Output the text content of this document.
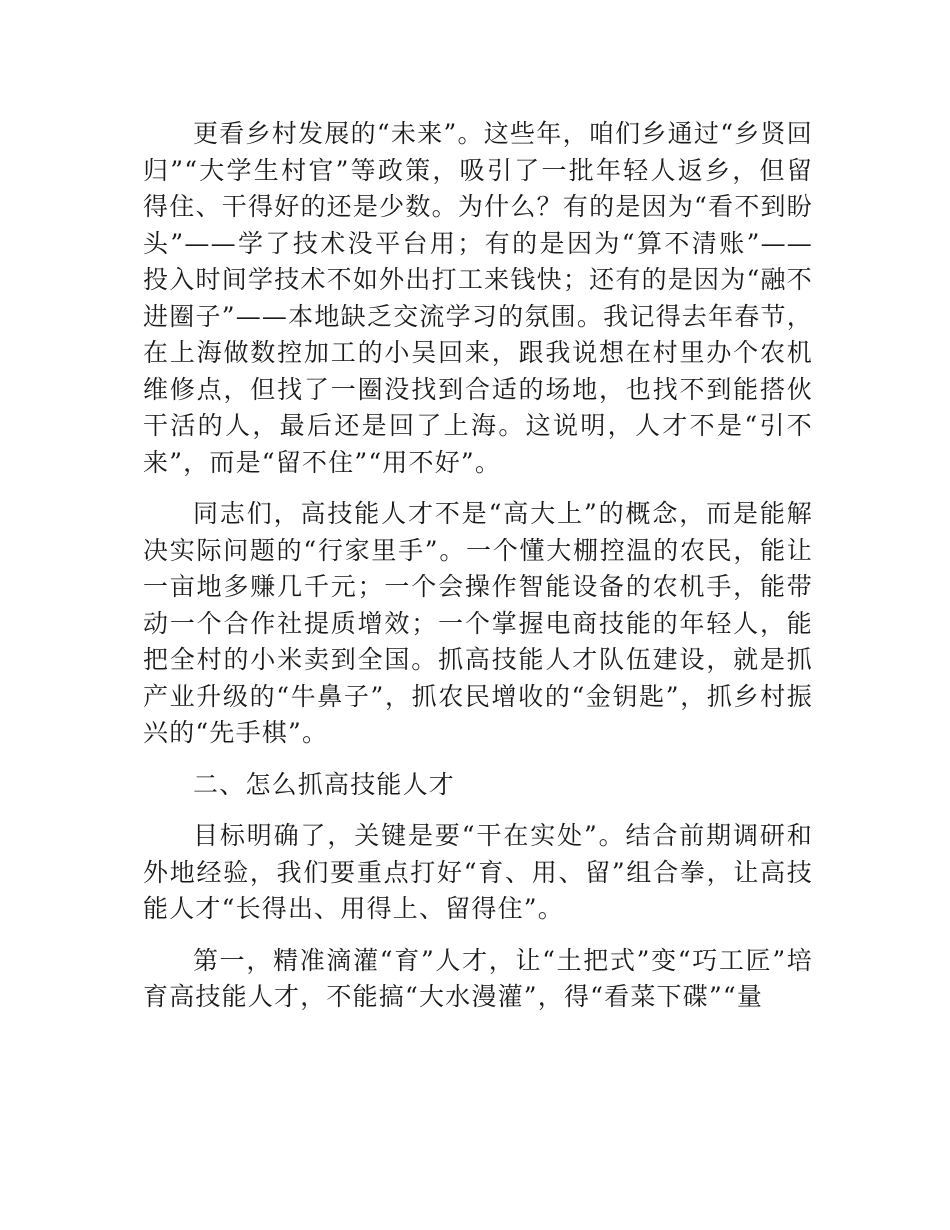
更看乡村发展的“未来”。这些年，咱们乡通过“乡贤回归”“大学生村官”等政策，吸引了一批年轻人返乡，但留得住、干得好的还是少数。为什么？有的是因为“看不到盼头”——学了技术没平台用；有的是因为“算不清账”——投入时间学技术不如外出打工来钱快；还有的是因为“融不进圈子”——本地缺乏交流学习的氛围。我记得去年春节，在上海做数控加工的小吴回来，跟我说想在村里办个农机维修点，但找了一圈没找到合适的场地，也找不到能搭伙干活的人，最后还是回了上海。这说明，人才不是“引不来”，而是“留不住”“用不好”。

同志们，高技能人才不是“高大上”的概念，而是能解决实际问题的“行家里手”。一个懂大棚控温的农民，能让一亩地多赚几千元；一个会操作智能设备的农机手，能带动一个合作社提质增效；一个掌握电商技能的年轻人，能把全村的小米卖到全国。抓高技能人才队伍建设，就是抓产业升级的“牛鼻子”，抓农民增收的“金钥匙”，抓乡村振兴的“先手棋”。

二、怎么抓高技能人才

目标明确了，关键是要“干在实处”。结合前期调研和外地经验，我们要重点打好“育、用、留”组合拳，让高技能人才“长得出、用得上、留得住”。

第一，精准滴灌“育”人才，让“土把式”变“巧工匠”培育高技能人才，不能搞“大水漫灌”，得“看菜下碟”“量
